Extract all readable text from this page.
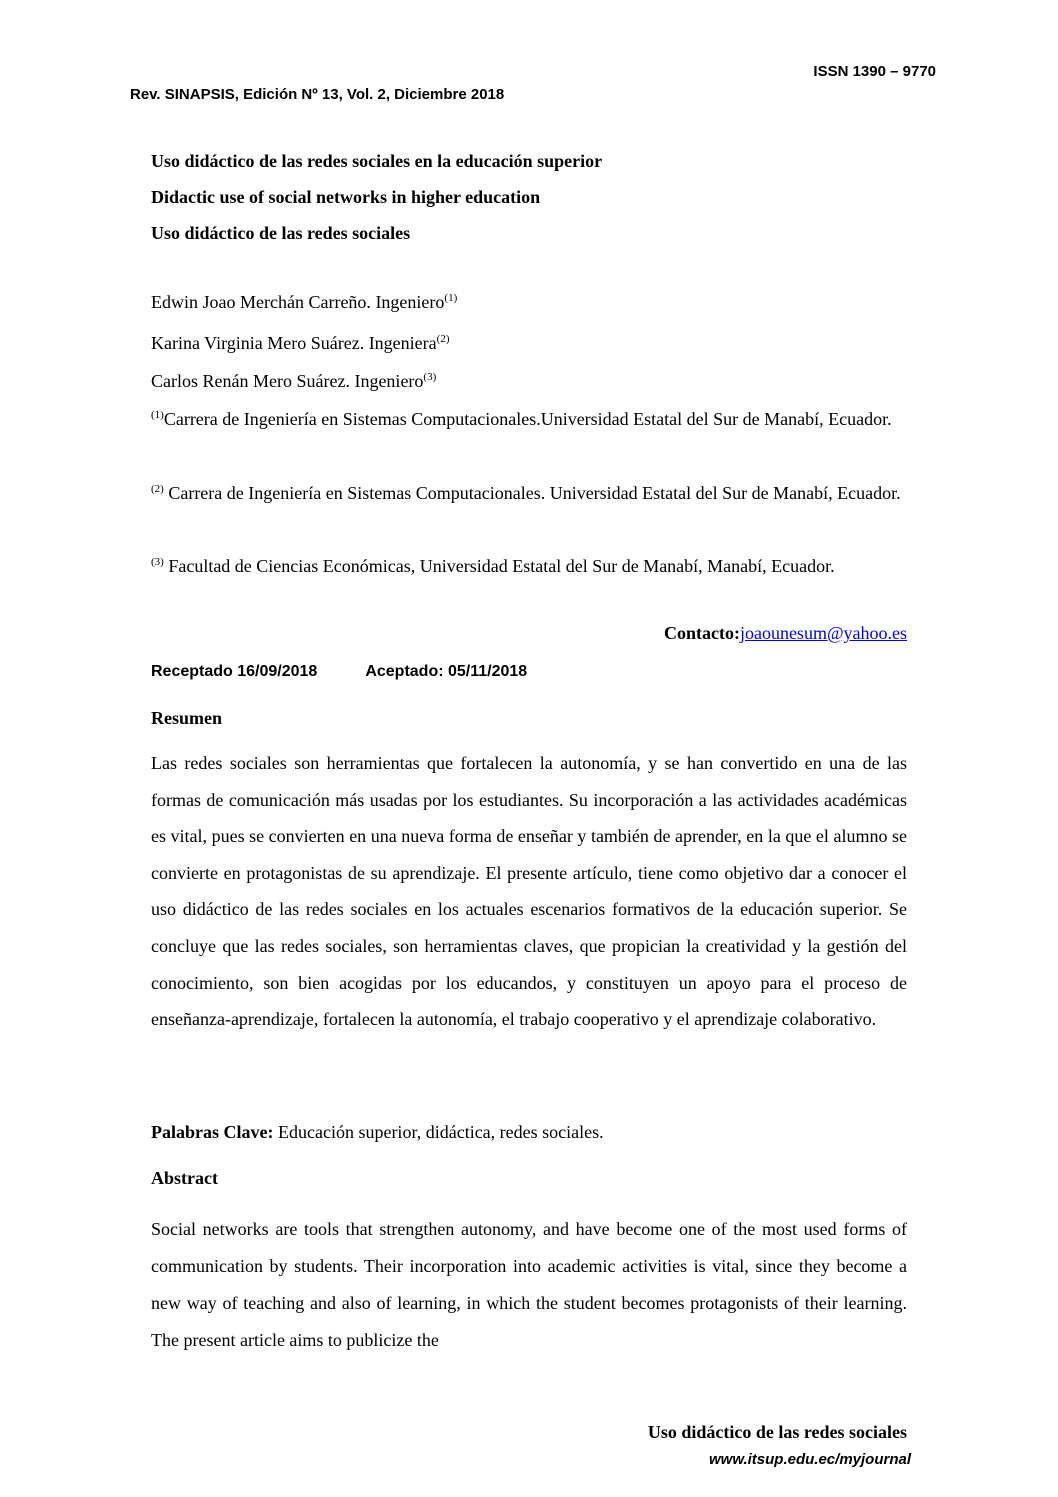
ISSN 1390 – 9770
Rev. SINAPSIS, Edición Nº 13, Vol. 2, Diciembre 2018
Uso didáctico de las redes sociales en la educación superior
Didactic use of social networks in higher education
Uso didáctico de las redes sociales
Edwin Joao Merchán Carreño. Ingeniero$^{(1)}$
Karina Virginia Mero Suárez. Ingeniera$^{(2)}$
Carlos Renán Mero Suárez. Ingeniero$^{(3)}$
$^{(1)}$Carrera de Ingeniería en Sistemas Computacionales.Universidad Estatal del Sur de Manabí, Ecuador.
$^{(2)}$ Carrera de Ingeniería en Sistemas Computacionales. Universidad Estatal del Sur de Manabí, Ecuador.
$^{(3)}$ Facultad de Ciencias Económicas, Universidad Estatal del Sur de Manabí, Manabí, Ecuador.
Contacto:joaounesum@yahoo.es
Receptado 16/09/2018	Aceptado: 05/11/2018
Resumen
Las redes sociales son herramientas que fortalecen la autonomía, y se han convertido en una de las formas de comunicación más usadas por los estudiantes. Su incorporación a las actividades académicas es vital, pues se convierten en una nueva forma de enseñar y también de aprender, en la que el alumno se convierte en protagonistas de su aprendizaje. El presente artículo, tiene como objetivo dar a conocer el uso didáctico de las redes sociales en los actuales escenarios formativos de la educación superior. Se concluye que las redes sociales, son herramientas claves, que propician la creatividad y la gestión del conocimiento, son bien acogidas por los educandos, y constituyen un apoyo para el proceso de enseñanza-aprendizaje, fortalecen la autonomía, el trabajo cooperativo y el aprendizaje colaborativo.
Palabras Clave: Educación superior, didáctica, redes sociales.
Abstract
Social networks are tools that strengthen autonomy, and have become one of the most used forms of communication by students. Their incorporation into academic activities is vital, since they become a new way of teaching and also of learning, in which the student becomes protagonists of their learning. The present article aims to publicize the
Uso didáctico de las redes sociales
www.itsup.edu.ec/myjournal
